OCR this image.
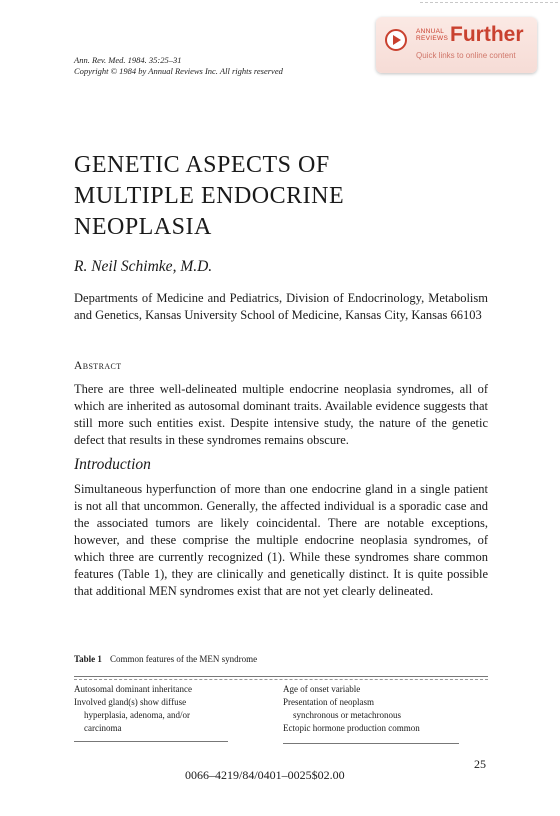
Ann. Rev. Med. 1984. 35:25–31
Copyright © 1984 by Annual Reviews Inc. All rights reserved
ANNUAL
REVIEWS Further
Quick links to online content
GENETIC ASPECTS OF
MULTIPLE ENDOCRINE
NEOPLASIA
R. Neil Schimke, M.D.
Departments of Medicine and Pediatrics, Division of Endocrinology, Metabolism and Genetics, Kansas University School of Medicine, Kansas City, Kansas 66103
Abstract
There are three well-delineated multiple endocrine neoplasia syndromes, all of which are inherited as autosomal dominant traits. Available evidence suggests that still more such entities exist. Despite intensive study, the nature of the genetic defect that results in these syndromes remains obscure.
Introduction
Simultaneous hyperfunction of more than one endocrine gland in a single patient is not all that uncommon. Generally, the affected individual is a sporadic case and the associated tumors are likely coincidental. There are notable exceptions, however, and these comprise the multiple endocrine neoplasia syndromes, of which three are currently recognized (1). While these syndromes share common features (Table 1), they are clinically and genetically distinct. It is quite possible that additional MEN syndromes exist that are not yet clearly delineated.
Table 1 Common features of the MEN syndrome
Autosomal dominant inheritance
Involved gland(s) show diffuse
hyperplasia, adenoma, and/or
carcinoma
Age of onset variable
Presentation of neoplasm
synchronous or metachronous
Ectopic hormone production common
25
0066–4219/84/0401–0025$02.00
